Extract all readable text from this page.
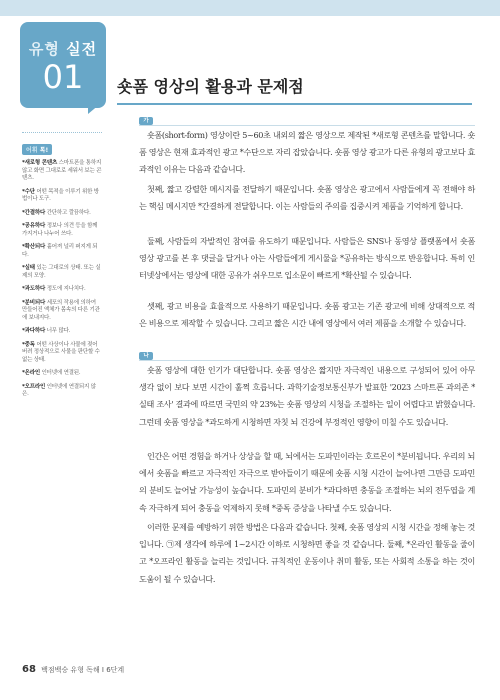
유형 실전
01	숏폼 영상의 활용과 문제점
어휘 톡!
*새로형 콘텐츠 스마트폰을 통하지 않고 화면 그대로로 세워서 보는 콘텐츠.
*수단 어떤 목적을 이루기 위한 방법이나 도구.
*간결하다 간단하고 깔끔하다.
*공유하다 정보나 의견 등을 함께 가지거나 나누어 쓰다.
*확산되다 흩어져 널리 퍼지게 되다.
*실태 있는 그대로의 상태. 또는 실제의 모양.
*과도하다 정도에 지나치다.
*분비되다 세포의 작용에 의하여 만들어진 액체가 몸속의 다른 기관에 보내지다.
*과다하다 너무 많다.
*중독 어떤 사상이나 사물에 젖어 버려 정상적으로 사물을 판단할 수 없는 상태.
*온라인 인터넷에 연결된.
*오프라인 인터넷에 연결되지 않은.
가
숏폼(short-form) 영상이란 5~60초 내외의 짧은 영상으로 제작된 *새로형 콘텐츠를 말합니다. 숏폼 영상은 현재 효과적인 광고 *수단으로 자리 잡았습니다. 숏폼 영상 광고가 다른 유형의 광고보다 효과적인 이유는 다음과 같습니다.
첫째, 짧고 강렬한 메시지를 전달하기 때문입니다. 숏폼 영상은 광고에서 사람들에게 꼭 전해야 하는 핵심 메시지만 *간결하게 전달합니다. 이는 사람들의 주의를 집중시켜 제품을 기억하게 합니다.
둘째, 사람들의 자발적인 참여를 유도하기 때문입니다. 사람들은 SNS나 동영상 플랫폼에서 숏폼 영상 광고를 본 후 댓글을 달거나 아는 사람들에게 게시물을 *공유하는 방식으로 반응합니다. 특히 인터넷상에서는 영상에 대한 공유가 쉬우므로 입소문이 빠르게 *확산될 수 있습니다.
셋째, 광고 비용을 효율적으로 사용하기 때문입니다. 숏폼 광고는 기존 광고에 비해 상대적으로 적은 비용으로 제작할 수 있습니다. 그리고 짧은 시간 내에 영상에서 여러 제품을 소개할 수 있습니다.
나
숏폼 영상에 대한 인기가 대단합니다. 숏폼 영상은 짧지만 자극적인 내용으로 구성되어 있어 아무 생각 없이 보다 보면 시간이 훌쩍 흐릅니다. 과학기술정보통신부가 발표한 '2023 스마트폰 과의존 *실태 조사' 결과에 따르면 국민의 약 23%는 숏폼 영상의 시청을 조절하는 일이 어렵다고 밝혔습니다. 그런데 숏폼 영상을 *과도하게 시청하면 자칫 뇌 건강에 부정적인 영향이 미칠 수도 있습니다.
인간은 어떤 경험을 하거나 상상을 할 때, 뇌에서는 도파민이라는 호르몬이 *분비됩니다. 우리의 뇌에서 숏폼을 빠르고 자극적인 자극으로 받아들이기 때문에 숏폼 시청 시간이 늘어나면 그만큼 도파민의 분비도 늘어날 가능성이 높습니다. 도파민의 분비가 *과다하면 충동을 조절하는 뇌의 전두엽을 계속 자극하게 되어 충동을 억제하지 못해 *중독 증상을 나타낼 수도 있습니다.
이러한 문제를 예방하기 위한 방법은 다음과 같습니다. 첫째, 숏폼 영상의 시청 시간을 정해 놓는 것입니다. ㉠제 생각에 하루에 1~2시간 이하로 시청하면 좋을 것 같습니다. 둘째, *온라인 활동을 줄이고 *오프라인 활동을 늘리는 것입니다. 규칙적인 운동이나 취미 활동, 또는 사회적 소통을 하는 것이 도움이 될 수 있습니다.
68 백점백승 유형 독해 Ⅰ 6단계
